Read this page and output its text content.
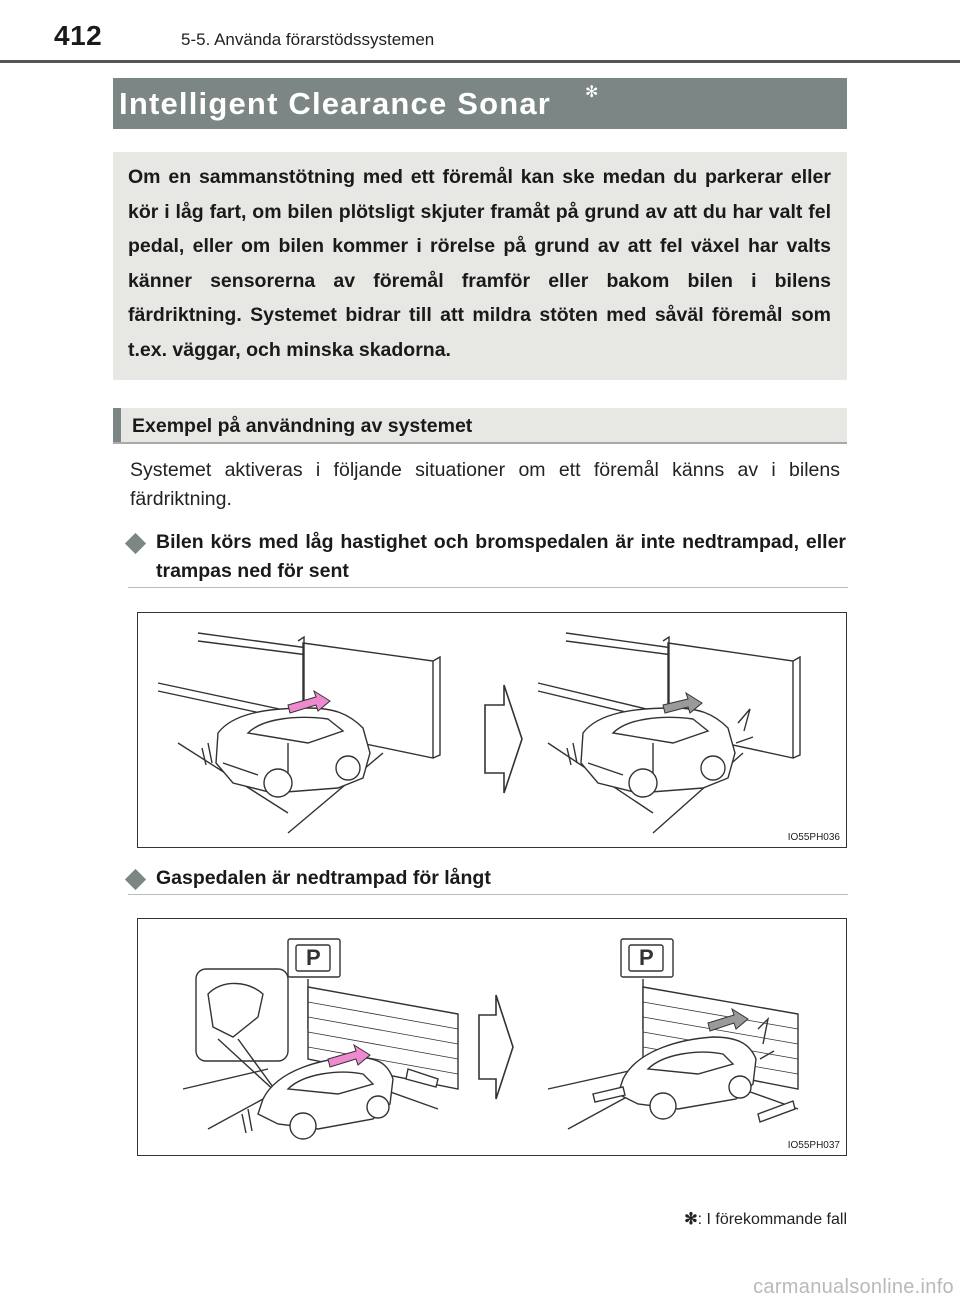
412	5-5. Använda förarstödssystemen
Intelligent Clearance Sonar ✻

Om en sammanstötning med ett föremål kan ske medan du parkerar eller kör i låg fart, om bilen plötsligt skjuter framåt på grund av att du har valt fel pedal, eller om bilen kommer i rörelse på grund av att fel växel har valts känner sensorerna av föremål framför eller bakom bilen i bilens färdriktning. Systemet bidrar till att mildra stöten med såväl föremål som t.ex. väggar, och minska skadorna.

Exempel på användning av systemet

Systemet aktiveras i följande situationer om ett föremål känns av i bilens färdriktning.

Bilen körs med låg hastighet och bromspedalen är inte nedtrampad, eller trampas ned för sent

IO55PH036

Gaspedalen är nedtrampad för långt

P	P
IO55PH037
✻: I förekommande fall
carmanualsonline.info
